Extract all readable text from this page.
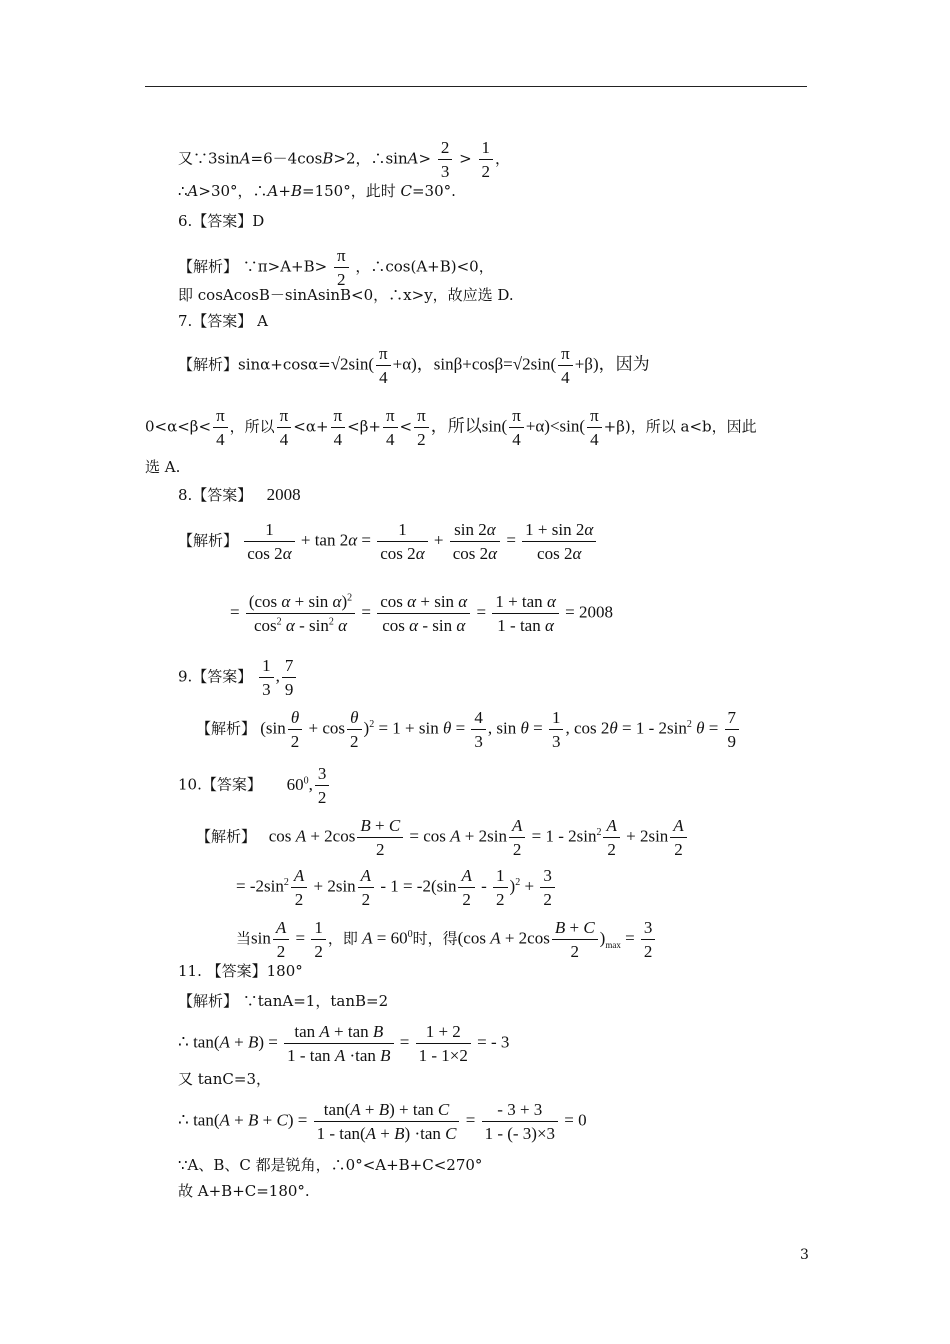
又∵3sinA=6－4cosB>2，∴sinA> $\frac{2}{3} > \frac{1}{2}$ ，
∴A>30°，∴A+B=150°，此时 C=30°.
6.【答案】D
【解析】 ∵π>A+B> $\frac{\pi}{2}$ ，∴cos(A+B)<0，
即 cosAcosB－sinAsinB<0，∴x>y，故应选 D.
7.【答案】 A
【解析】$\sin\alpha+\cos\alpha=√2\sin( \frac{\pi}{4} +\alpha)$，$\sin\beta+\cos\beta=√2\sin( \frac{\pi}{4} +\beta)$，因为
$0<\alpha<\beta< \frac{\pi}{4}$ ，所以 $\frac{\pi}{4} <\alpha+ \frac{\pi}{4} <\beta+ \frac{\pi}{4} < \frac{\pi}{2}$ ，所以$\sin( \frac{\pi}{4} +\alpha)<\sin( \frac{\pi}{4} +\beta)$，所以 a<b，因此
选 A.
8.【答案】 2008
【解析】 $\frac{1}{\cos 2\alpha} + \tan 2\alpha = \frac{1}{\cos 2\alpha} + \frac{\sin 2\alpha}{\cos 2\alpha} = \frac{1 + \sin 2\alpha}{\cos 2\alpha}$
= $\frac{(\cos \alpha + \sin \alpha)^2}{\cos^2 \alpha - \sin^2 \alpha} = \frac{\text{cos α + sin α}}{\text{cos α - sin α}} = \frac{\text{1 + tan α}}{\text{1 - tan α}} = 2008$
9.【答案】 $\frac{1}{3}$ , $\frac{7}{9}$
【解析】 $(\sin \frac{\theta}{2} + \cos \frac{\theta}{2} )^2 = 1 + \sin \theta = \frac{4}{3}$ , $\sin \theta = \frac{1}{3}$ , $\cos 2\theta = 1 - 2\sin^2$ $\theta = \frac{7}{9}$
10.【答案】 $60^0$, $\frac{3}{2}$
【解析】   $\cos A + 2\cos \frac{B + C}{2} = \cos A + 2\sin \frac{A}{2} = 1 - 2\sin^2 \frac{A}{2} + 2\sin \frac{A}{2}$
= $-2\sin^2 \frac{A}{2} + 2\sin \frac{A}{2} - 1 = -2(\sin \frac{A}{2} - \frac{1}{2} )^2 + \frac{3}{2}$
当$\sin \frac{A}{2} = \frac{1}{2}$ ，即 $A = 60^0$时，得(cos $A + 2\cos \frac{B + C}{2} )_{max} = \frac{3}{2}$
11. 【答案】180°
【解析】 ∵tanA=1，tanB=2
∴ $\tan(A + B) = \frac{\text{tan A + tan B}}{\text{1 - tan A ·tan B}} = \frac{1 + 2}{1 - 1\times 2}$ = - 3
又 tanC=3，
∴ $\tan(A + B + C) = \frac{\text{tan(A + B) + tan C}}{\text{1 - tan(A + B) ·tan C}} = \frac{- 3 + 3}{1 - (- 3)\times 3} = 0$
∵A、B、C 都是锐角，∴0°<A+B+C<270°
故 A+B+C=180°.
3
